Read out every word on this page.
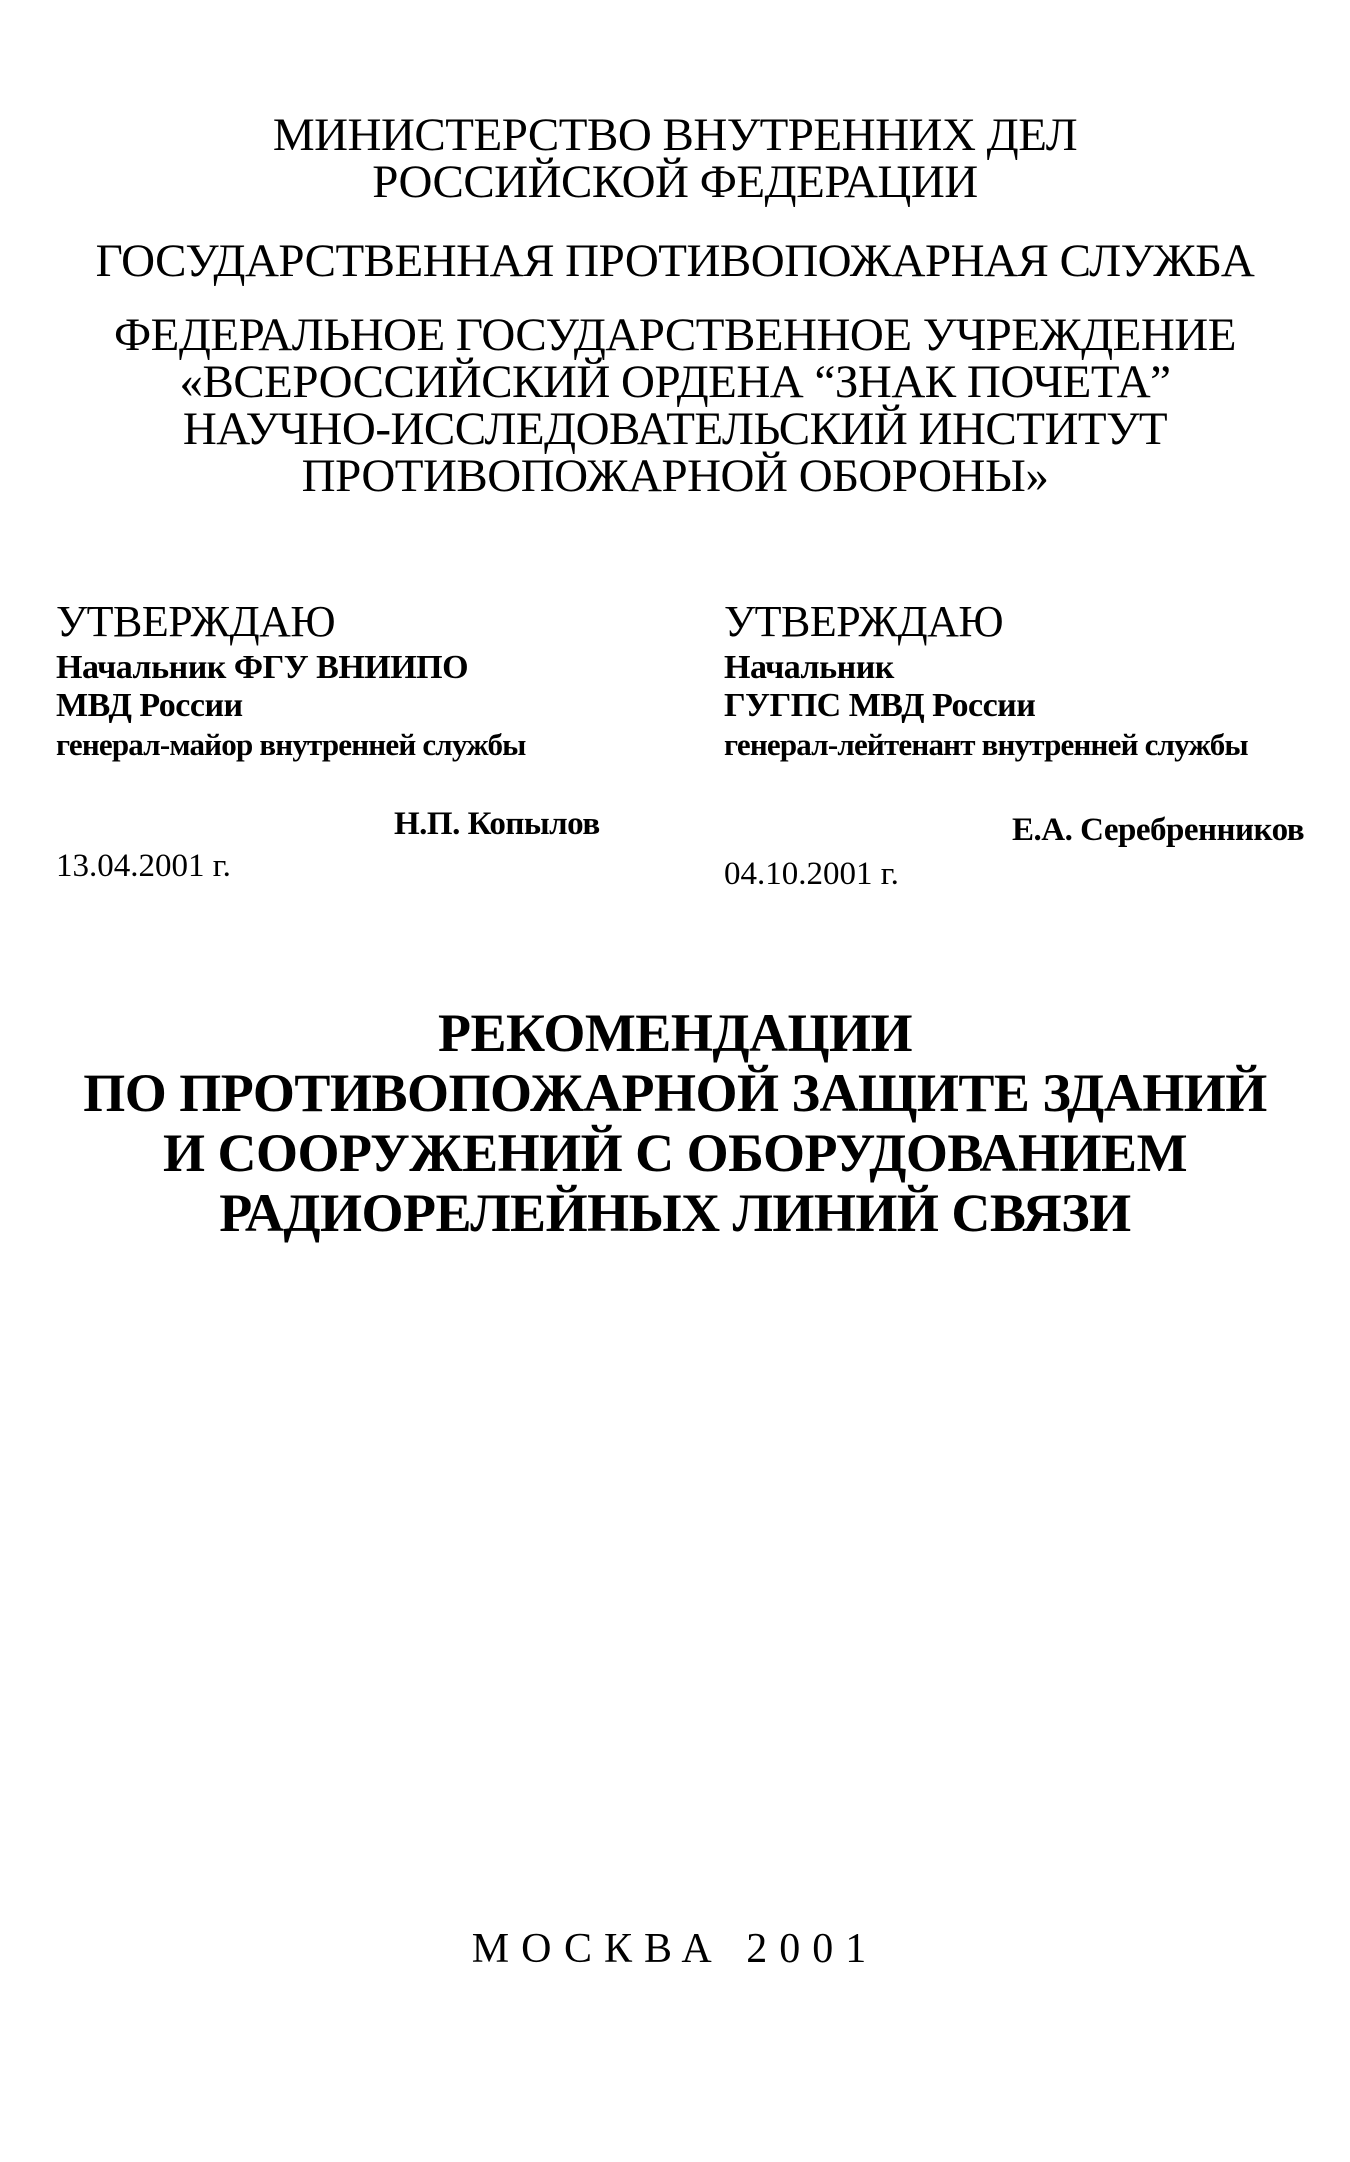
МИНИСТЕРСТВО ВНУТРЕННИХ ДЕЛ
РОССИЙСКОЙ ФЕДЕРАЦИИ
ГОСУДАРСТВЕННАЯ ПРОТИВОПОЖАРНАЯ СЛУЖБА
ФЕДЕРАЛЬНОЕ ГОСУДАРСТВЕННОЕ УЧРЕЖДЕНИЕ
«ВСЕРОССИЙСКИЙ ОРДЕНА “ЗНАК ПОЧЕТА”
НАУЧНО-ИССЛЕДОВАТЕЛЬСКИЙ ИНСТИТУТ
ПРОТИВОПОЖАРНОЙ ОБОРОНЫ»
УТВЕРЖДАЮ
Начальник ФГУ ВНИИПО
МВД России
генерал-майор внутренней службы
Н.П. Копылов
13.04.2001 г.
УТВЕРЖДАЮ
Начальник
ГУГПС МВД России
генерал-лейтенант внутренней службы
Е.А. Серебренников
04.10.2001 г.
РЕКОМЕНДАЦИИ
ПО ПРОТИВОПОЖАРНОЙ ЗАЩИТЕ ЗДАНИЙ
И СООРУЖЕНИЙ С ОБОРУДОВАНИЕМ
РАДИОРЕЛЕЙНЫХ ЛИНИЙ СВЯЗИ
МОСКВА 2001
